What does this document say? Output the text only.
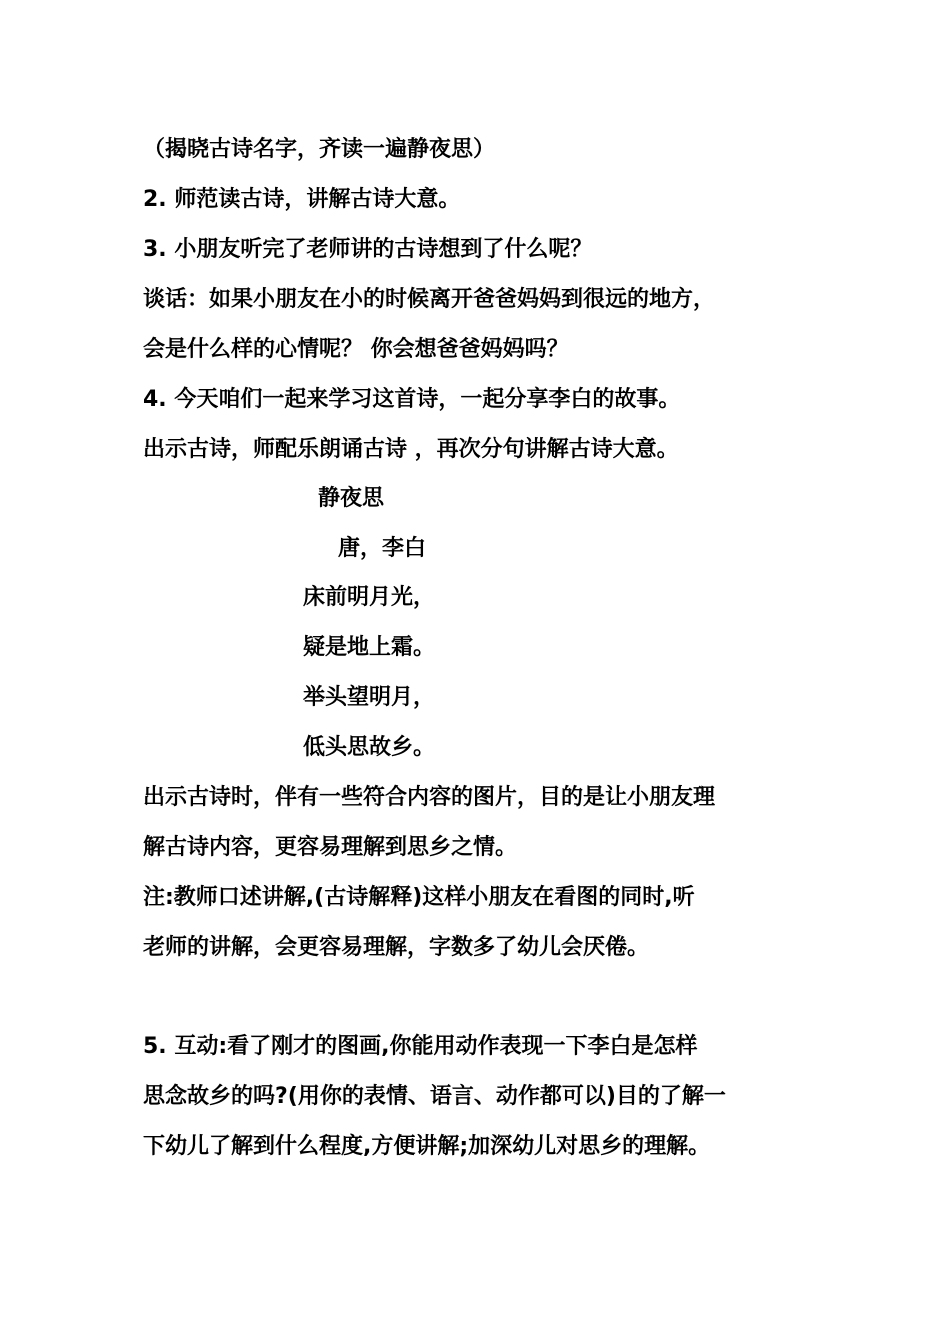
（揭晓古诗名字，齐读一遍静夜思）
2. 师范读古诗，讲解古诗大意。
3. 小朋友听完了老师讲的古诗想到了什么呢？
谈话：如果小朋友在小的时候离开爸爸妈妈到很远的地方，
会是什么样的心情呢？ 你会想爸爸妈妈吗？
4. 今天咱们一起来学习这首诗，一起分享李白的故事。
出示古诗，师配乐朗诵古诗 ，再次分句讲解古诗大意。
静夜思
唐，李白
床前明月光，
疑是地上霜。
举头望明月，
低头思故乡。
出示古诗时，伴有一些符合内容的图片，目的是让小朋友理
解古诗内容，更容易理解到思乡之情。
注:教师口述讲解,(古诗解释)这样小朋友在看图的同时,听
老师的讲解，会更容易理解，字数多了幼儿会厌倦。
5. 互动:看了刚才的图画,你能用动作表现一下李白是怎样
思念故乡的吗?(用你的表情、语言、动作都可以)目的了解一
下幼儿了解到什么程度,方便讲解;加深幼儿对思乡的理解。
